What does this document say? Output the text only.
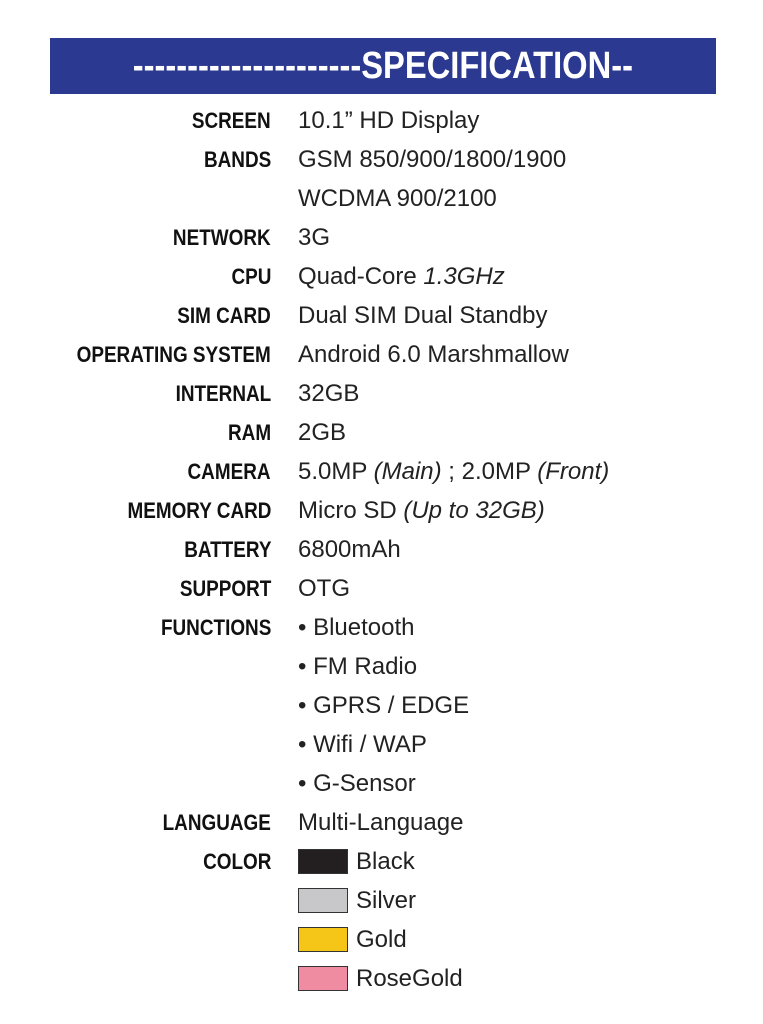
---------------------SPECIFICATION--
SCREEN 10.1” HD Display
BANDS GSM 850/900/1800/1900
WCDMA 900/2100
NETWORK 3G
CPU Quad-Core 1.3GHz
SIM CARD Dual SIM Dual Standby
OPERATING SYSTEM Android 6.0 Marshmallow
INTERNAL 32GB
RAM 2GB
CAMERA 5.0MP (Main) ; 2.0MP (Front)
MEMORY CARD Micro SD (Up to 32GB)
BATTERY 6800mAh
SUPPORT OTG
FUNCTIONS • Bluetooth
• FM Radio
• GPRS / EDGE
• Wifi / WAP
• G-Sensor
LANGUAGE Multi-Language
COLOR	Black
Silver
Gold
RoseGold
